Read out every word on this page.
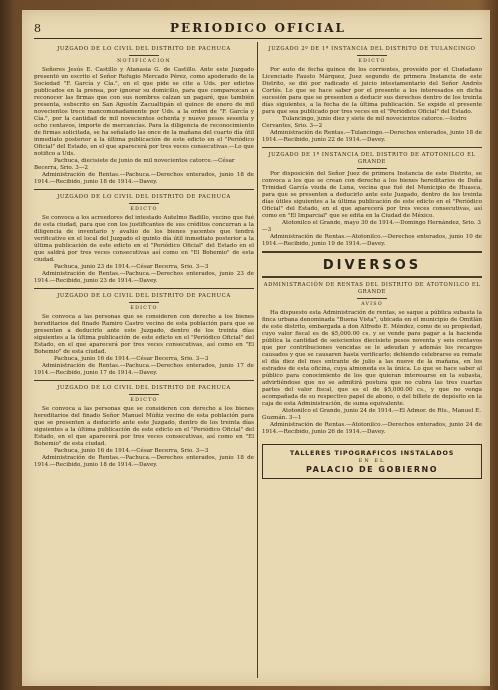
8	PERIODICO OFICIAL
JUZGADO DE LO CIVIL DEL DISTRITO DE PACHUCA
NOTIFICACION

Señores Jesús E. Castillo y Atanasia G. de Castillo. Ante este Juzgado presentó un escrito el Señor Refugio Mercado Pérez, como apoderado de la Sociedad "F. García y Cía.", en el que pide se cite a Uds. por edictos publicados en la prensa, por ignorar su domicilio, para que comparezcan a reconocer las firmas que con sus nombres calzan un pagaré, que también presenta, subscrito en San Agustín Zacualtipán el quince de enero de mil novecientos trece mancomunadamente por Uds. a la orden de "F. García y Cía.", por la cantidad de mil novecientos ochenta y nueve pesos sesenta y ocho centavos, importe de mercancías. Para la diligencia de reconocimiento de firmas solicitada, se ha señalado las once de la mañana del cuarto día útil inmediato posterior a la última publicación de este edicto en el "Periódico Oficial" del Estado, en el que aparecerá por tres veces consecutivas.—Lo que notifico a Uds.

Pachuca, diecisiete de junio de mil novecientos catorce.—César Becerra, Srio. 3—2

Administración de Rentas.—Pachuca.—Derechos enterados, junio 18 de 1914.—Recibido, junio 18 de 1914.—Davey.

JUZGADO DE LO CIVIL DEL DISTRITO DE PACHUCA
EDICTO

Se convoca a los acreedores del intestado Autelmo Badillo, vecino que fué de esta ciudad, para que con los justificantes de sus créditos concurran a la diligencia de inventario y avalúo de los bienes yacentes que tendrá verificativo en el local del Juzgado el quinto día útil inmediato posterior a la última publicación de este edicto en el "Periódico Oficial" del Estado en el que saldrá por tres veces consecutivas así como en "El Bohemio" de esta ciudad.

Pachuca, junio 23 de 1914.—César Becerra, Srio. 3—3

Administración de Rentas.—Pachuca.—Derechos enterados, junio 23 de 1914.—Recibido, junio 23 de 1914.—Davey.

JUZGADO DE LO CIVIL DEL DISTRITO DE PACHUCA
EDICTO

Se convoca a las personas que se consideren con derecho a los bienes hereditarios del finado Ramiro Castro vecino de esta población para que se presenten a deducirlo ante este Juzgado, dentro de los treinta días siguientes a la última publicación de este edicto en el "Periódico Oficial" del Estado, en el que aparecerá por tres veces consecutivas, así como en "El Bohemio" de esta ciudad.

Pachuca, junio 16 de 1914.—César Becerra, Srio. 3—3

Administración de Rentas.—Pachuca.—Derechos enterados, junio 17 de 1914.—Recibido, junio 17 de 1914.—Davey.

JUZGADO DE LO CIVIL DEL DISTRITO DE PACHUCA
EDICTO

Se convoca a las personas que se consideren con derecho a los bienes hereditarios del finado Señor Manuel Múñiz vecino de esta población para que se presenten a deducirlo ante este Juzgado, dentro de los treinta días siguientes a la última publicación de este edicto en el "Periódico Oficial" del Estado, en el que aparecerá por tres veces consecutivas, así como en "El Bohemio" de esta ciudad.

Pachuca, junio 16 de 1914.—César Becerra, Srio. 3—3

Administración de Rentas.—Pachuca.—Derechos enterados, junio 18 de 1914.—Recibido, junio 18 de 1914.—Davey.

JUZGADO 2º DE 1ª INSTANCIA DEL DISTRITO DE TULANCINGO
EDICTO

Por auto de fecha quince de los corrientes, proveído por el Ciudadano Licenciado Fausto Márquez, Juez segundo de primera Instancia de este Distrito, se dió por radicado el juicio intestamentario del Señor Andrés Cortés. Lo que se hace saber por el presente a los interesados en dicha sucesión para que se presenten a deducir sus derechos dentro de los treinta días siguientes, a la fecha de la última publicación. Se expide el presente para que sea publicado por tres veces en el "Periódico Oficial" del Estado.

Tulancingo, junio diez y siete de mil novecientos catorce.—Isidro Cervantes, Srio. 3—2

Administración de Rentas.—Tulancingo.—Derechos enterados, junio 18 de 1914.—Recibido, junio 22 de 1914.—Davey.

JUZGADO DE 1ª INSTANCIA DEL DISTRITO DE ATOTONILCO EL GRANDE

Por disposición del Señor Juez de primera Instancia de este Distrito, se convoca a los que se crean con derecho a los bienes hereditarios de Doña Trinidad García viuda de Luna, vecina que fué del Municipio de Huasca, para que se presenten a deducirlo ante este Juzgado, dentro de los treinta días útiles siguientes a la última publicación de este edicto en el "Periódico Oficial" del Estado, en el que aparecerá por tres veces consecutivas, así como en "El Imparcial" que se edita en la Ciudad de México.

Atotonilco el Grande, mayo 30 de 1914.—Domingo Hernández, Srio. 3—3

Administración de Rentas.—Atotonilco.—Derechos enterados, junio 10 de 1914.—Recibido, junio 19 de 1914.—Davey.

DIVERSOS
ADMINISTRACIÓN DE RENTAS DEL DISTRITO DE ATOTONILCO EL GRANDE
AVISO

Ha dispuesto esta Administración de rentas, se saque a pública subasta la finca urbana denominada "Buena Vista", ubicada en el municipio de Omitlán de este distrito, embargada a don Alfredo E. Méndez, como de su propiedad, cuyo valor fiscal es de $5,000.00 cs. y se vende para pagar a la hacienda pública la cantidad de seiscientos diecisiete pesos noventa y seis centavos que por contribuciones vencidas se le adeudan y además los recargos causados y que se causaren hasta verificarlo; debiendo celebrarse su remate el día diez del mes entrante de julio a las nueve de la mañana, en los estrados de esta oficina, cuya almoneda es la única. Lo que se hace saber al público para conocimiento de los que quieran interesarse en la subasta, advirtiéndose que no se admitirá postura que no cubra las tres cuartas partes del valor fiscal, que es el de $5,000.00 cs., y que no venga acompañada de su respectivo papel de abono, o del billete de depósito en la caja de esta Administración, de suma equivalente.

Atotonilco el Grande, junio 24 de 1914.—El Admor. de Rts., Manuel E. Guzmán. 3—1

Administración de Rentas.—Atotonilco.—Derechos enterados, junio 24 de 1914.—Recibido, junio 26 de 1914.—Davey.

TALLERES TIPOGRAFICOS INSTALADOS
EN EL
PALACIO DE GOBIERNO
